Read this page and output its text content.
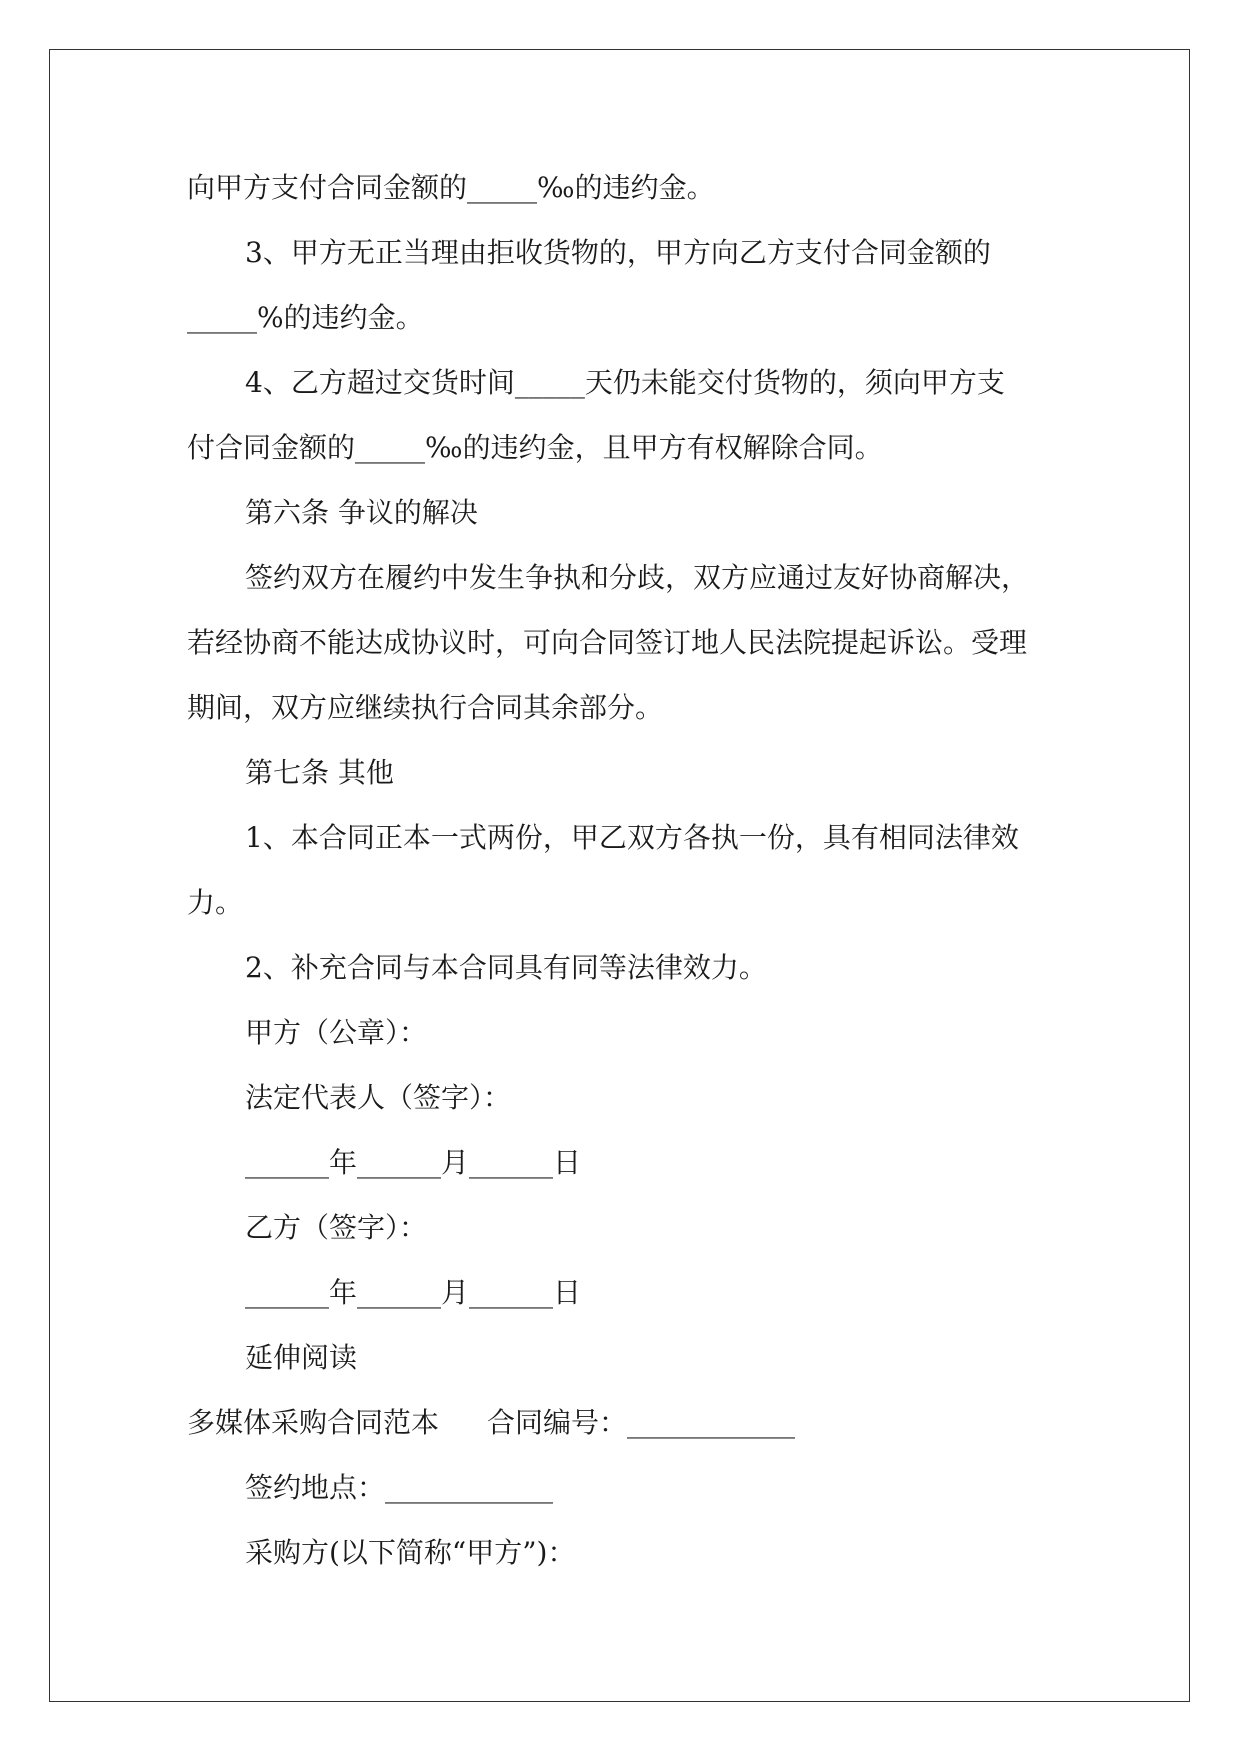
向甲方支付合同金额的_____‰的违约金。
3、甲方无正当理由拒收货物的，甲方向乙方支付合同金额的
_____%的违约金。
4、乙方超过交货时间_____天仍未能交付货物的，须向甲方支
付合同金额的_____‰的违约金，且甲方有权解除合同。
第六条 争议的解决
签约双方在履约中发生争执和分歧，双方应通过友好协商解决，
若经协商不能达成协议时，可向合同签订地人民法院提起诉讼。受理
期间，双方应继续执行合同其余部分。
第七条 其他
1、本合同正本一式两份，甲乙双方各执一份，具有相同法律效
力。
2、补充合同与本合同具有同等法律效力。
甲方（公章）：
法定代表人（签字）：
______年______月______日
乙方（签字）：
______年______月______日
延伸阅读
多媒体采购合同范本 合同编号：____________
签约地点：____________
采购方(以下简称“甲方”)：
